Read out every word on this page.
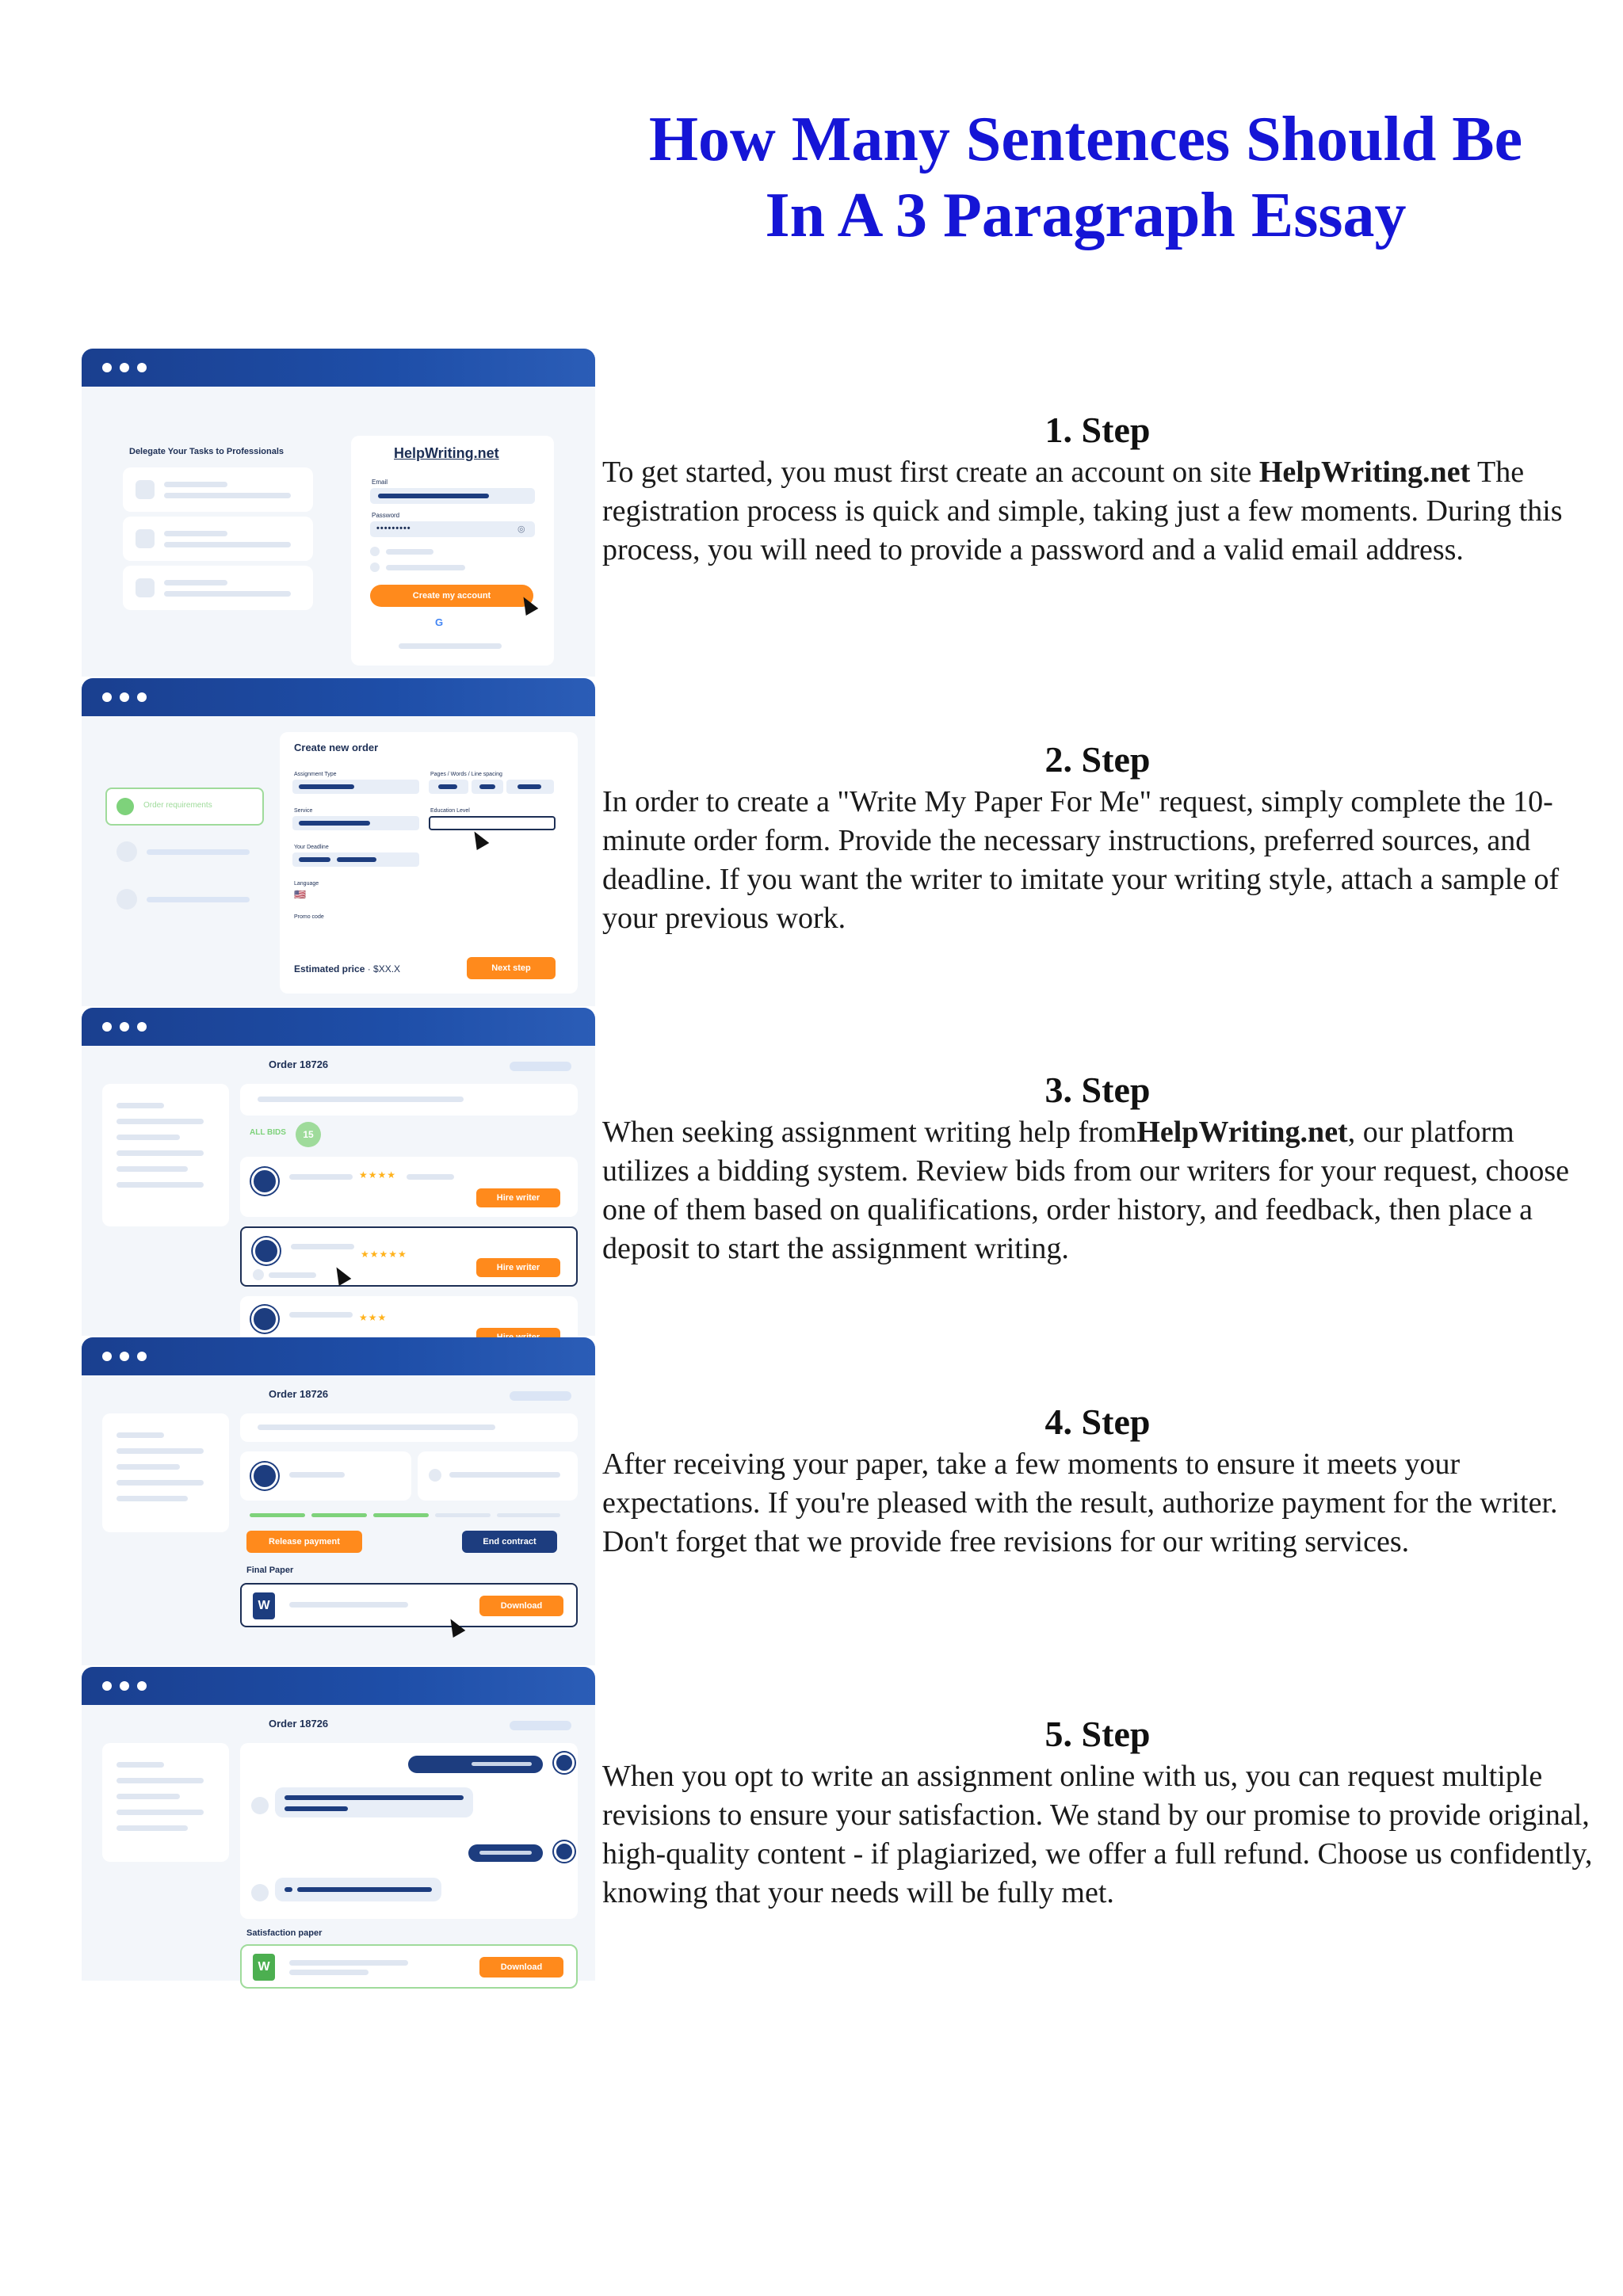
How Many Sentences Should Be
In A 3 Paragraph Essay
1. Step
To get started, you must first create an account on site HelpWriting.net The registration process is quick and simple, taking just a few moments. During this process, you will need to provide a password and a valid email address.
2. Step
In order to create a "Write My Paper For Me" request, simply complete the 10-minute order form. Provide the necessary instructions, preferred sources, and deadline. If you want the writer to imitate your writing style, attach a sample of your previous work.
3. Step
When seeking assignment writing help fromHelpWriting.net, our platform utilizes a bidding system. Review bids from our writers for your request, choose one of them based on qualifications, order history, and feedback, then place a deposit to start the assignment writing.
4. Step
After receiving your paper, take a few moments to ensure it meets your expectations. If you're pleased with the result, authorize payment for the writer. Don't forget that we provide free revisions for our writing services.
5. Step
When you opt to write an assignment online with us, you can request multiple revisions to ensure your satisfaction. We stand by our promise to provide original, high-quality content - if plagiarized, we offer a full refund. Choose us confidently, knowing that your needs will be fully met.
Delegate Your Tasks to Professionals	HelpWriting.net
Email
Password
•••••••••	◎
Create my account
G
Order requirements
Create new order
Assignment Type	Pages / Words / Line spacing
Service	Education Level
Your Deadline
Language
🇺🇸
Promo code
Estimated price · $XX.X	Next step
Order 18726
ALL BIDS	15
★★★★
Hire writer
★★★★★
Hire writer
★★★
Order 18726
Release payment	End contract
Final Paper
W	Download
Order 18726
Satisfaction paper
W	Download
